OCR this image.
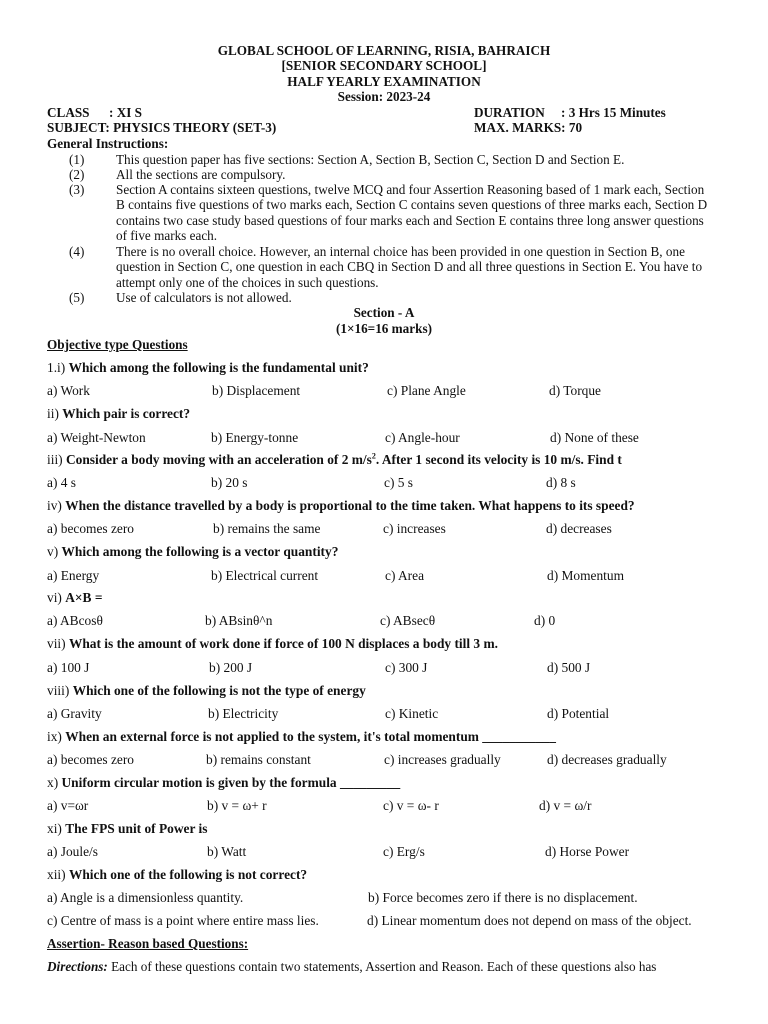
GLOBAL SCHOOL OF LEARNING, RISIA, BAHRAICH
[SENIOR SECONDARY SCHOOL]
HALF YEARLY EXAMINATION
Session: 2023-24
CLASS : XI S	DURATION : 3 Hrs 15 Minutes
SUBJECT: PHYSICS THEORY (SET-3)	MAX. MARKS: 70
General Instructions:
(1) This question paper has five sections: Section A, Section B, Section C, Section D and Section E.
(2) All the sections are compulsory.
(3) Section A contains sixteen questions, twelve MCQ and four Assertion Reasoning based of 1 mark each, Section B contains five questions of two marks each, Section C contains seven questions of three marks each, Section D contains two case study based questions of four marks each and Section E contains three long answer questions of five marks each.
(4) There is no overall choice. However, an internal choice has been provided in one question in Section B, one question in Section C, one question in each CBQ in Section D and all three questions in Section E. You have to attempt only one of the choices in such questions.
(5) Use of calculators is not allowed.
Section - A
(1×16=16 marks)
Objective type Questions
1.i) Which among the following is the fundamental unit?
a) Work	b) Displacement	c) Plane Angle	d) Torque
ii) Which pair is correct?
a) Weight-Newton	b) Energy-tonne	c) Angle-hour	d) None of these
iii) Consider a body moving with an acceleration of 2 $m/s^2$. After 1 second its velocity is 10 m/s. Find t
a) 4 s	b) 20 s	c) 5 s	d) 8 s
iv) When the distance travelled by a body is proportional to the time taken. What happens to its speed?
a) becomes zero	b) remains the same	c) increases	d) decreases
v) Which among the following is a vector quantity?
a) Energy	b) Electrical current	c) Area	d) Momentum
vi) A×B =
a) ABcosθ	b) ABsinθ^n	c) ABsecθ	d) 0
vii) What is the amount of work done if force of 100 N displaces a body till 3 m.
a) 100 J	b) 200 J	c) 300 J	d) 500 J
viii) Which one of the following is not the type of energy
a) Gravity	b) Electricity	c) Kinetic	d) Potential
ix) When an external force is not applied to the system, it's total momentum ___________
a) becomes zero	b) remains constant	c) increases gradually	d) decreases gradually
x) Uniform circular motion is given by the formula _________
a) v=ωr	b) v = ω+ r	c) v = ω- r	d) v = ω/r
xi) The FPS unit of Power is
a) Joule/s	b) Watt	c) Erg/s	d) Horse Power
xii) Which one of the following is not correct?
a) Angle is a dimensionless quantity.	b) Force becomes zero if there is no displacement.
c) Centre of mass is a point where entire mass lies.	d) Linear momentum does not depend on mass of the object.
Assertion- Reason based Questions:
Directions: Each of these questions contain two statements, Assertion and Reason. Each of these questions also has
